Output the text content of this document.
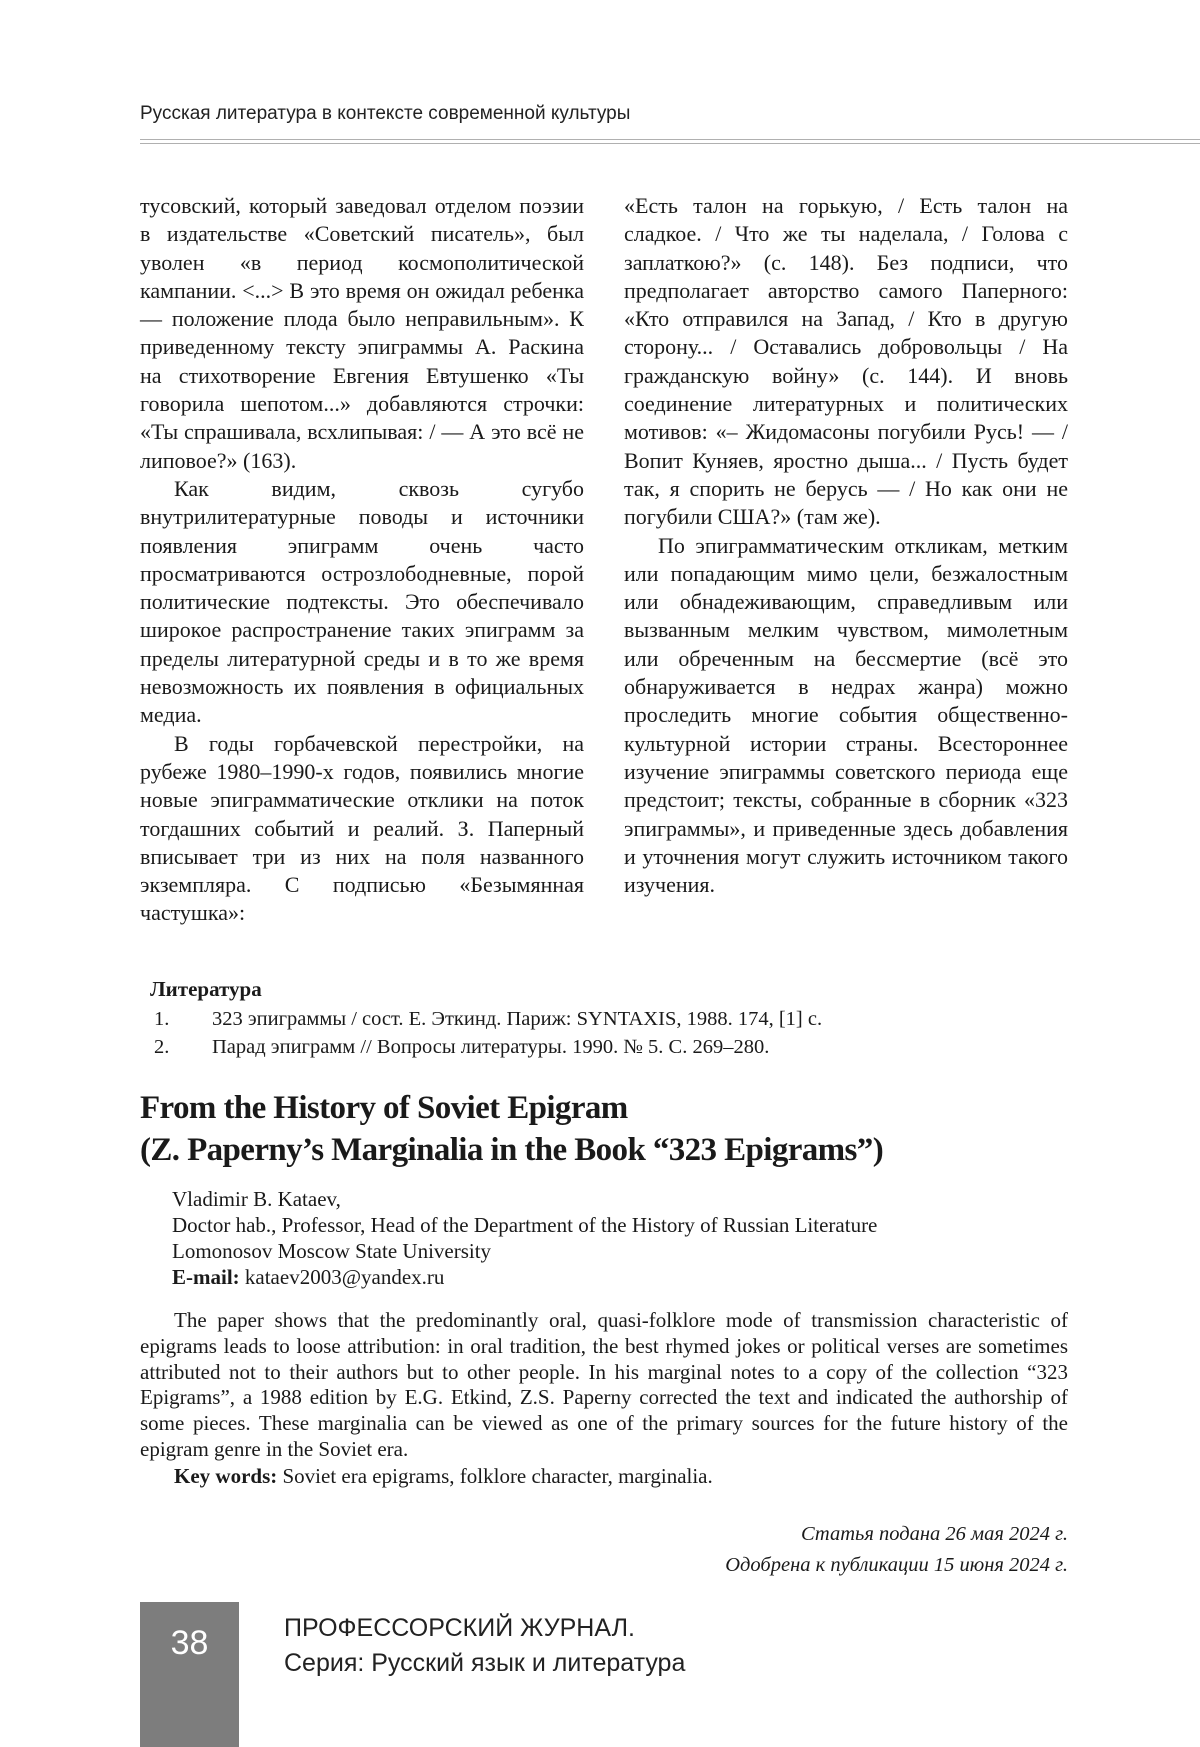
Русская литература в контексте современной культуры

тусовский, который заведовал отделом поэзии в издательстве «Советский писатель», был уволен «в период космополитической кампании. <...> В это время он ожидал ребенка — положение плода было неправильным». К приведенному тексту эпиграммы А. Раскина на стихотворение Евгения Евтушенко «Ты говорила шепотом...» добавляются строчки: «Ты спрашивала, всхлипывая: / — А это всё не липовое?» (163).

Как видим, сквозь сугубо внутрилитературные поводы и источники появления эпиграмм очень часто просматриваются острозлободневные, порой политические подтексты. Это обеспечивало широкое распространение таких эпиграмм за пределы литературной среды и в то же время невозможность их появления в официальных медиа.

В годы горбачевской перестройки, на рубеже 1980–1990-х годов, появились многие новые эпиграмматические отклики на поток тогдашних событий и реалий. З. Паперный вписывает три из них на поля названного экземпляра. С подписью «Безымянная частушка»:

«Есть талон на горькую, / Есть талон на сладкое. / Что же ты наделала, / Голова с заплаткою?» (с. 148). Без подписи, что предполагает авторство самого Паперного: «Кто отправился на Запад, / Кто в другую сторону... / Оставались добровольцы / На гражданскую войну» (с. 144). И вновь соединение литературных и политических мотивов: «– Жидомасоны погубили Русь! — / Вопит Куняев, яростно дыша... / Пусть будет так, я спорить не берусь — / Но как они не погубили США?» (там же).

По эпиграмматическим откликам, метким или попадающим мимо цели, безжалостным или обнадеживающим, справедливым или вызванным мелким чувством, мимолетным или обреченным на бессмертие (всё это обнаруживается в недрах жанра) можно проследить многие события общественно-культурной истории страны. Всестороннее изучение эпиграммы советского периода еще предстоит; тексты, собранные в сборник «323 эпиграммы», и приведенные здесь добавления и уточнения могут служить источником такого изучения.

Литература
1.	323 эпиграммы / сост. Е. Эткинд. Париж: SYNTAXIS, 1988. 174, [1] с.
2.	Парад эпиграмм // Вопросы литературы. 1990. № 5. С. 269–280.
From the History of Soviet Epigram
(Z. Paperny’s Marginalia in the Book “323 Epigrams”)
Vladimir B. Kataev,
Doctor hab., Professor, Head of the Department of the History of Russian Literature
Lomonosov Moscow State University
E-mail: kataev2003@yandex.ru

The paper shows that the predominantly oral, quasi-folklore mode of transmission characteristic of epigrams leads to loose attribution: in oral tradition, the best rhymed jokes or political verses are sometimes attributed not to their authors but to other people. In his marginal notes to a copy of the collection “323 Epigrams”, a 1988 edition by E.G. Etkind, Z.S. Paperny corrected the text and indicated the authorship of some pieces. These marginalia can be viewed as one of the primary sources for the future history of the epigram genre in the Soviet era.

Key words: Soviet era epigrams, folklore character, marginalia.
Статья подана 26 мая 2024 г.
Одобрена к публикации 15 июня 2024 г.
38	ПРОФЕССОРСКИЙ ЖУРНАЛ.
Серия: Русский язык и литература
